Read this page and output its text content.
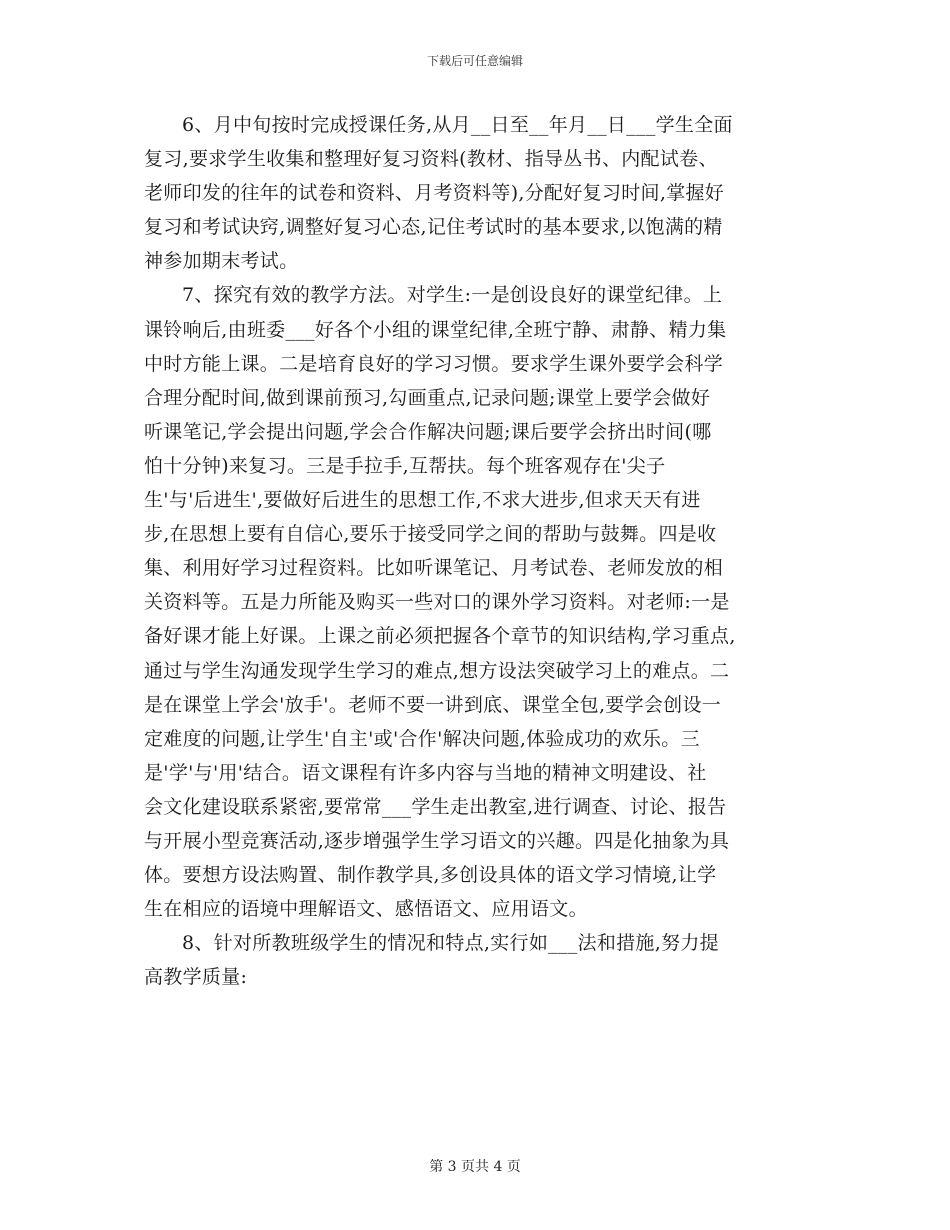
下载后可任意编辑

6、月中旬按时完成授课任务,从月__日至__年月__日___学生全面
复习,要求学生收集和整理好复习资料(教材、指导丛书、内配试卷、
老师印发的往年的试卷和资料、月考资料等),分配好复习时间,掌握好
复习和考试诀窍,调整好复习心态,记住考试时的基本要求,以饱满的精
神参加期末考试。

7、探究有效的教学方法。对学生:一是创设良好的课堂纪律。上
课铃响后,由班委___好各个小组的课堂纪律,全班宁静、肃静、精力集
中时方能上课。二是培育良好的学习习惯。要求学生课外要学会科学
合理分配时间,做到课前预习,勾画重点,记录问题;课堂上要学会做好
听课笔记,学会提出问题,学会合作解决问题;课后要学会挤出时间(哪
怕十分钟)来复习。三是手拉手,互帮扶。每个班客观存在'尖子
生'与'后进生',要做好后进生的思想工作,不求大进步,但求天天有进
步,在思想上要有自信心,要乐于接受同学之间的帮助与鼓舞。四是收
集、利用好学习过程资料。比如听课笔记、月考试卷、老师发放的相
关资料等。五是力所能及购买一些对口的课外学习资料。对老师:一是
备好课才能上好课。上课之前必须把握各个章节的知识结构,学习重点,
通过与学生沟通发现学生学习的难点,想方设法突破学习上的难点。二
是在课堂上学会'放手'。老师不要一讲到底、课堂全包,要学会创设一
定难度的问题,让学生'自主'或'合作'解决问题,体验成功的欢乐。三
是'学'与'用'结合。语文课程有许多内容与当地的精神文明建设、社
会文化建设联系紧密,要常常___学生走出教室,进行调查、讨论、报告
与开展小型竞赛活动,逐步增强学生学习语文的兴趣。四是化抽象为具
体。要想方设法购置、制作教学具,多创设具体的语文学习情境,让学
生在相应的语境中理解语文、感悟语文、应用语文。

8、针对所教班级学生的情况和特点,实行如___法和措施,努力提
高教学质量:

第 3 页共 4 页
